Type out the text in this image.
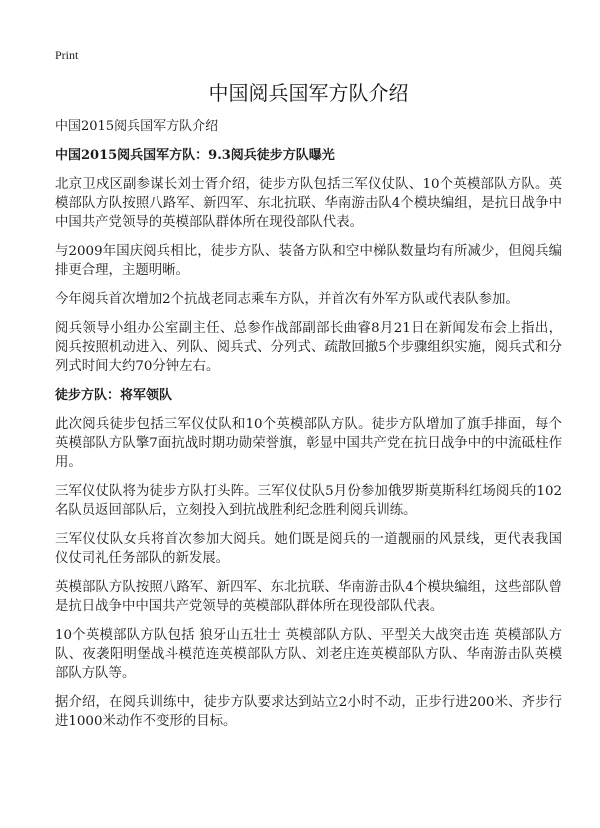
Print
中国阅兵国军方队介绍
中国2015阅兵国军方队介绍
中国2015阅兵国军方队：9.3阅兵徒步方队曝光

北京卫戍区副参谋长刘士胥介绍，徒步方队包括三军仪仗队、10个英模部队方队。英模部队方队按照八路军、新四军、东北抗联、华南游击队4个模块编组，是抗日战争中中国共产党领导的英模部队群体所在现役部队代表。

与2009年国庆阅兵相比，徒步方队、装备方队和空中梯队数量均有所减少，但阅兵编排更合理，主题明晰。

今年阅兵首次增加2个抗战老同志乘车方队，并首次有外军方队或代表队参加。

阅兵领导小组办公室副主任、总参作战部副部长曲睿8月21日在新闻发布会上指出，阅兵按照机动进入、列队、阅兵式、分列式、疏散回撤5个步骤组织实施，阅兵式和分列式时间大约70分钟左右。

徒步方队：将军领队

此次阅兵徒步包括三军仪仗队和10个英模部队方队。徒步方队增加了旗手排面，每个英模部队方队擎7面抗战时期功勋荣誉旗，彰显中国共产党在抗日战争中的中流砥柱作用。

三军仪仗队将为徒步方队打头阵。三军仪仗队5月份参加俄罗斯莫斯科红场阅兵的102名队员返回部队后，立刻投入到抗战胜利纪念胜利阅兵训练。

三军仪仗队女兵将首次参加大阅兵。她们既是阅兵的一道靓丽的风景线，更代表我国仪仗司礼任务部队的新发展。

英模部队方队按照八路军、新四军、东北抗联、华南游击队4个模块编组，这些部队曾是抗日战争中中国共产党领导的英模部队群体所在现役部队代表。

10个英模部队方队包括 狼牙山五壮士 英模部队方队、平型关大战突击连 英模部队方队、夜袭阳明堡战斗模范连英模部队方队、刘老庄连英模部队方队、华南游击队英模部队方队等。

据介绍，在阅兵训练中，徒步方队要求达到站立2小时不动，正步行进200米、齐步行进1000米动作不变形的目标。
